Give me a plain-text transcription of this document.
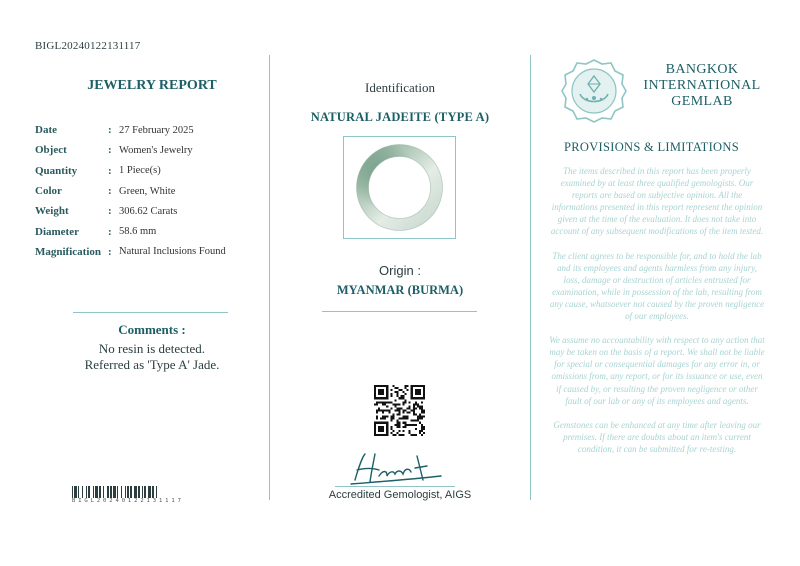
BIGL20240122131117
JEWELRY REPORT
Date	: 27 February 2025
Object	: Women's Jewelry
Quantity	: 1 Piece(s)
Color	: Green, White
Weight	: 306.62 Carats
Diameter	: 58.6 mm
Magnification : Natural Inclusions Found
Comments :
No resin is detected.
Referred as 'Type A' Jade.
BIGL20240122131117
Identification
NATURAL JADEITE (TYPE A)
Origin :
MYANMAR (BURMA)
Accredited Gemologist, AIGS
BANGKOK
INTERNATIONAL
GEMLAB
PROVISIONS & LIMITATIONS

The items described in this report has been properly examined by at least three qualified gemologists. Our reports are based on subjective opinion. All the informations presented in this report represent the opinion given at the time of the evaluation. It does not take into account of any subsequent modifications of the item tested.

The client agrees to be responsible for, and to hold the lab and its employees and agents harmless from any injury, loss, damage or destruction of articles entrusted for examination, while in possession of the lab, resulting from any cause, whatsoever not caused by the proven negligence of our employees.

We assume no accountability with respect to any action that may be taken on the basis of a report. We shall not be liable for special or consequential damages for any error in, or omissions from, any report, or for its issuance or use, even if caused by, or resulting the proven negligence or other fault of our lab or any of its employees and agents.

Gemstones can be enhanced at any time after leaving our premises. If there are doubts about an item's current condition, it can be submitted for re-testing.
